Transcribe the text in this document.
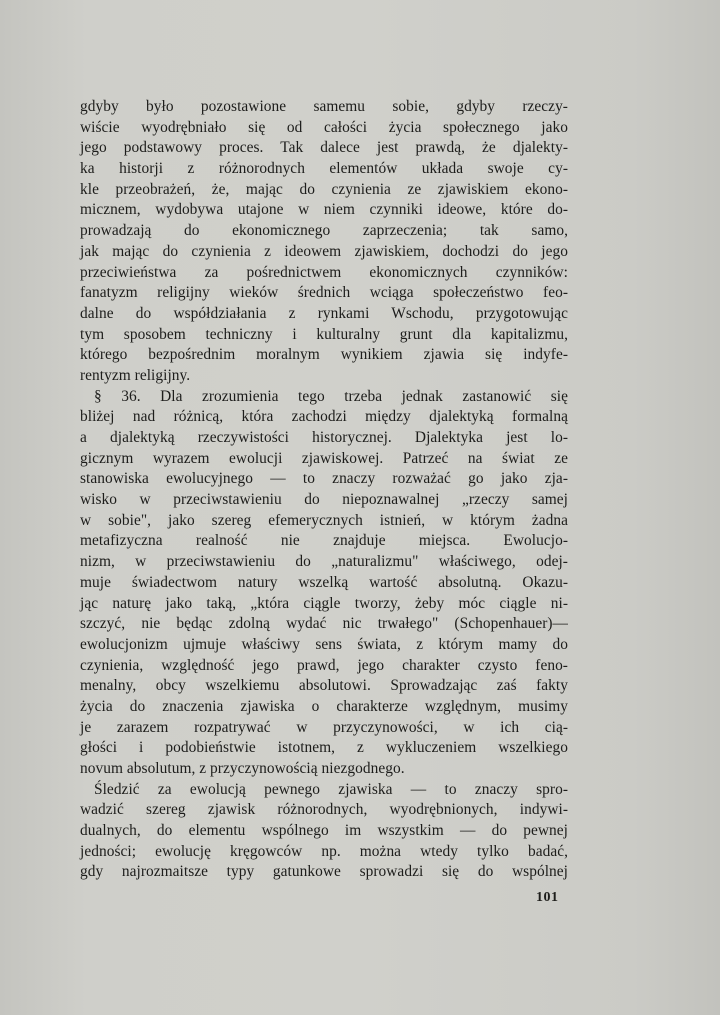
gdyby było pozostawione samemu sobie, gdyby rzeczy-
wiście wyodrębniało się od całości życia społecznego jako
jego podstawowy proces. Tak dalece jest prawdą, że djalekty-
ka historji z różnorodnych elementów układa swoje cy-
kle przeobrażeń, że, mając do czynienia ze zjawiskiem ekono-
micznem, wydobywa utajone w niem czynniki ideowe, które do-
prowadzają do ekonomicznego zaprzeczenia; tak samo,
jak mając do czynienia z ideowem zjawiskiem, dochodzi do jego
przeciwieństwa za pośrednictwem ekonomicznych czynników:
fanatyzm religijny wieków średnich wciąga społeczeństwo feo-
dalne do współdziałania z rynkami Wschodu, przygotowując
tym sposobem techniczny i kulturalny grunt dla kapitalizmu,
którego bezpośrednim moralnym wynikiem zjawia się indyfe-
rentyzm religijny.
§ 36. Dla zrozumienia tego trzeba jednak zastanowić się
bliżej nad różnicą, która zachodzi między djalektyką formalną
a djalektyką rzeczywistości historycznej. Djalektyka jest lo-
gicznym wyrazem ewolucji zjawiskowej. Patrzeć na świat ze
stanowiska ewolucyjnego — to znaczy rozważać go jako zja-
wisko w przeciwstawieniu do niepoznawalnej „rzeczy samej
w sobie", jako szereg efemerycznych istnień, w którym żadna
metafizyczna realność nie znajduje miejsca. Ewolucjo-
nizm, w przeciwstawieniu do „naturalizmu" właściwego, odej-
muje świadectwom natury wszelką wartość absolutną. Okazu-
jąc naturę jako taką, „która ciągle tworzy, żeby móc ciągle ni-
szczyć, nie będąc zdolną wydać nic trwałego" (Schopenhauer)—
ewolucjonizm ujmuje właściwy sens świata, z którym mamy do
czynienia, względność jego prawd, jego charakter czysto feno-
menalny, obcy wszelkiemu absolutowi. Sprowadzając zaś fakty
życia do znaczenia zjawiska o charakterze względnym, musimy
je zarazem rozpatrywać w przyczynowości, w ich cią-
głości i podobieństwie istotnem, z wykluczeniem wszelkiego
novum absolutum, z przyczynowością niezgodnego.
Śledzić za ewolucją pewnego zjawiska — to znaczy spro-
wadzić szereg zjawisk różnorodnych, wyodrębnionych, indywi-
dualnych, do elementu wspólnego im wszystkim — do pewnej
jedności; ewolucję kręgowców np. można wtedy tylko badać,
gdy najrozmaitsze typy gatunkowe sprowadzi się do wspólnej
101
